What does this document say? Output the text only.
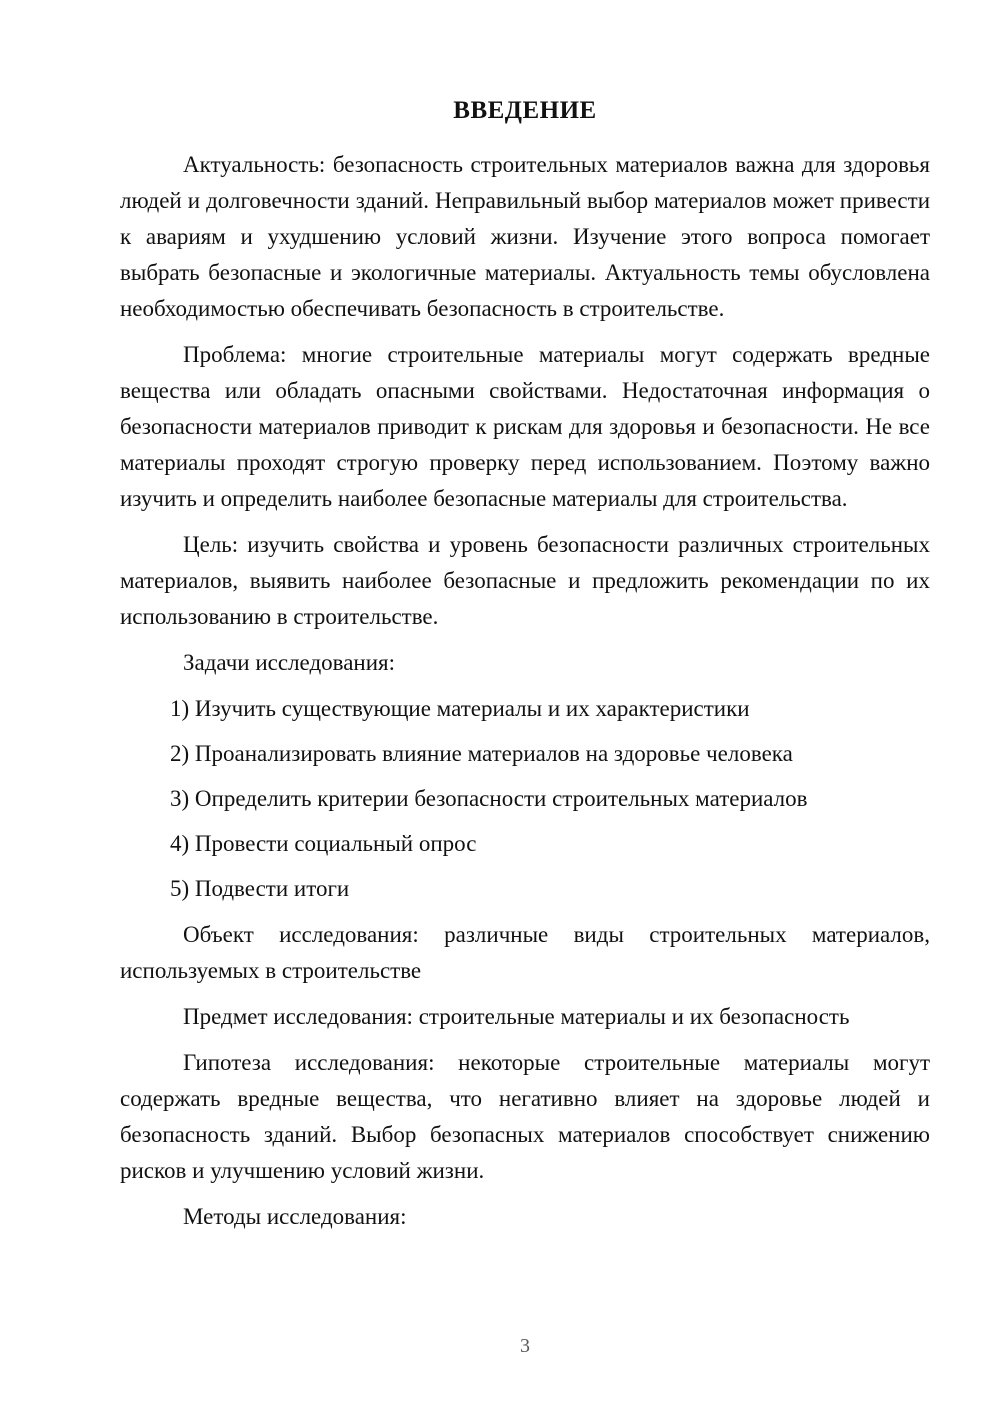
ВВЕДЕНИЕ

Актуальность: безопасность строительных материалов важна для здоровья людей и долговечности зданий. Неправильный выбор материалов может привести к авариям и ухудшению условий жизни. Изучение этого вопроса помогает выбрать безопасные и экологичные материалы. Актуальность темы обусловлена необходимостью обеспечивать безопасность в строительстве.

Проблема: многие строительные материалы могут содержать вредные вещества или обладать опасными свойствами. Недостаточная информация о безопасности материалов приводит к рискам для здоровья и безопасности. Не все материалы проходят строгую проверку перед использованием. Поэтому важно изучить и определить наиболее безопасные материалы для строительства.

Цель: изучить свойства и уровень безопасности различных строительных материалов, выявить наиболее безопасные и предложить рекомендации по их использованию в строительстве.

Задачи исследования:

1) Изучить существующие материалы и их характеристики
2) Проанализировать влияние материалов на здоровье человека
3) Определить критерии безопасности строительных материалов
4) Провести социальный опрос
5) Подвести итоги

Объект исследования: различные виды строительных материалов, используемых в строительстве

Предмет исследования: строительные материалы и их безопасность

Гипотеза исследования: некоторые строительные материалы могут содержать вредные вещества, что негативно влияет на здоровье людей и безопасность зданий. Выбор безопасных материалов способствует снижению рисков и улучшению условий жизни.

Методы исследования:

3
